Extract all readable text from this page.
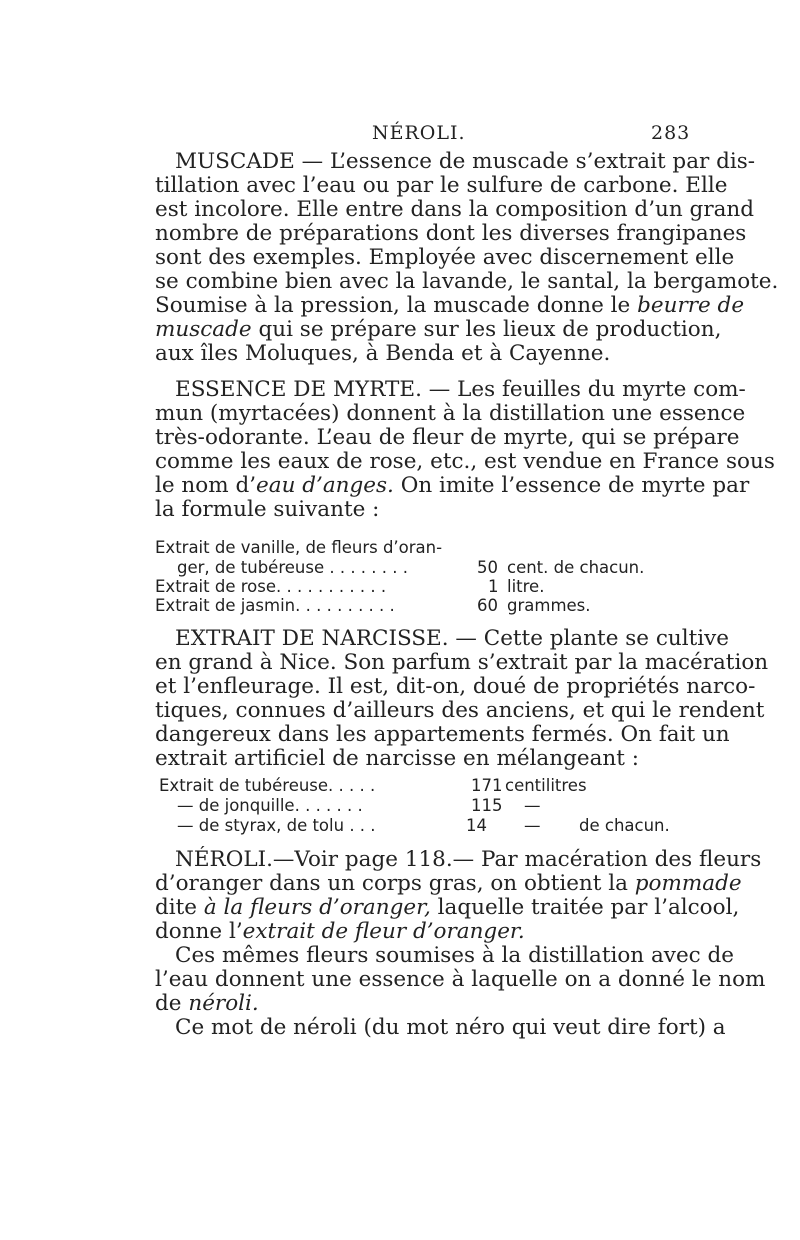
NÉROLI.	283
MUSCADE — L’essence de muscade s’extrait par dis-
tillation avec l’eau ou par le sulfure de carbone. Elle
est incolore. Elle entre dans la composition d’un grand
nombre de préparations dont les diverses frangipanes
sont des exemples. Employée avec discernement elle
se combine bien avec la lavande, le santal, la bergamote.
Soumise à la pression, la muscade donne le beurre de
muscade qui se prépare sur les lieux de production,
aux îles Moluques, à Benda et à Cayenne.
ESSENCE DE MYRTE. — Les feuilles du myrte com-
mun (myrtacées) donnent à la distillation une essence
très-odorante. L’eau de fleur de myrte, qui se prépare
comme les eaux de rose, etc., est vendue en France sous
le nom d’eau d’anges. On imite l’essence de myrte par
la formule suivante :
Extrait de vanille, de fleurs d’oran-
ger, de tubéreuse . . . . . . . .	50 cent. de chacun.
Extrait de rose. . . . . . . . . . .	1 litre.
Extrait de jasmin. . . . . . . . . .	60 grammes.
EXTRAIT DE NARCISSE. — Cette plante se cultive
en grand à Nice. Son parfum s’extrait par la macération
et l’enfleurage. Il est, dit-on, doué de propriétés narco-
tiques, connues d’ailleurs des anciens, et qui le rendent
dangereux dans les appartements fermés. On fait un
extrait artificiel de narcisse en mélangeant :
Extrait de tubéreuse. . . . .	171 centilitres
— de jonquille. . . . . . .	115 —
— de styrax, de tolu . . .	14 — de chacun.
NÉROLI.—Voir page 118.— Par macération des fleurs
d’oranger dans un corps gras, on obtient la pommade
dite à la fleurs d’oranger, laquelle traitée par l’alcool,
donne l’extrait de fleur d’oranger.
Ces mêmes fleurs soumises à la distillation avec de
l’eau donnent une essence à laquelle on a donné le nom
de néroli.
Ce mot de néroli (du mot néro qui veut dire fort) a
